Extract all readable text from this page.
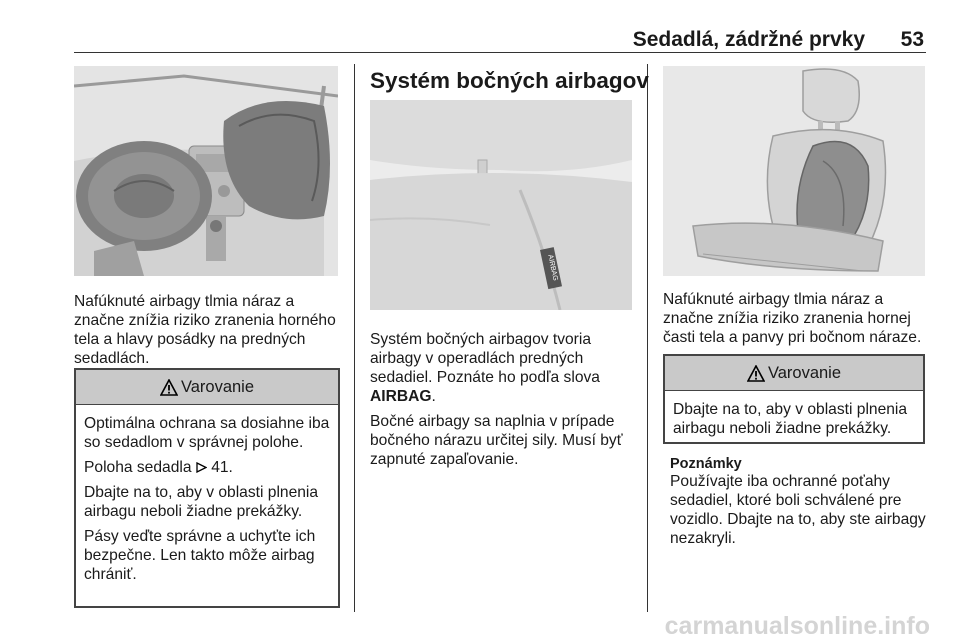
Sedadlá, zádržné prvky	53
Nafúknuté airbagy tlmia náraz a značne znížia riziko zranenia horného tela a hlavy posádky na predných sedadlách.
Varovanie

Optimálna ochrana sa dosiahne iba so sedadlom v správnej polohe.

Poloha sedadla 41.

Dbajte na to, aby v oblasti plnenia airbagu neboli žiadne prekážky.

Pásy veďte správne a uchyťte ich bezpečne. Len takto môže airbag chrániť.

Systém bočných airbagov
AIRBAG

Systém bočných airbagov tvoria airbagy v operadlách predných sedadiel. Poznáte ho podľa slova AIRBAG.

Bočné airbagy sa naplnia v prípade bočného nárazu určitej sily. Musí byť zapnuté zapaľovanie.

Nafúknuté airbagy tlmia náraz a značne znížia riziko zranenia hornej časti tela a panvy pri bočnom náraze.
Varovanie
Dbajte na to, aby v oblasti plnenia airbagu neboli žiadne prekážky.
Poznámky
Používajte iba ochranné poťahy sedadiel, ktoré boli schválené pre vozidlo. Dbajte na to, aby ste airbagy nezakryli.
carmanualsonline.info
